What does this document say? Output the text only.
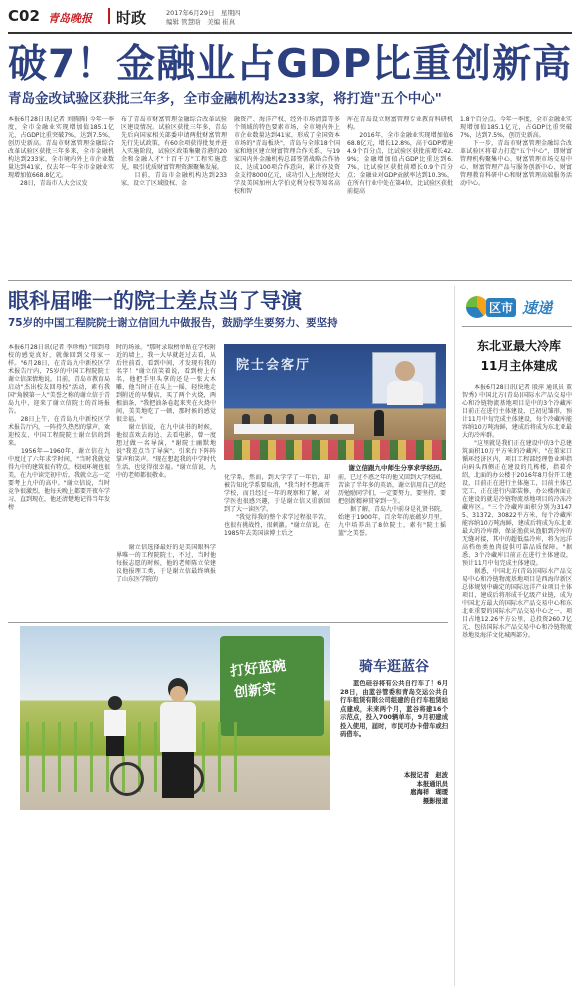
C02 青岛晚报 时政	2017年6月29日　星期四
编辑 管慧晗　美编 崔真
破7！金融业占GDP比重创新高
青岛金改试验区获批三年多，全市金融机构达233家，将打造"五个中心"
本报6月28日讯(记者 刘腾腾) 今年一季度，全市金融业实现增加值185.1亿元，占GDP比重突破7%，达到7.5%，创历史新高。青岛市财富管理金融综合改革试验区获批三年多来，全市金融机构达到233家，全市境内外上市企业数量达到41家，仅去年一年全市金融业实现增加值668.8亿元。
　　28日，青岛市人大会议发
布了青岛市财富管理金融综合改革试验区建设情况。试验区获批三年多，青岛先后向国家相关部委申请两批财富管理先行先试政策，有60余项获得批复并进入实施阶段，试验区政策集聚青港的20余和金融人才"十百千万"工程实施意见，吸引优质财富管理资源聚集发展。
　　目前，青岛市金融机构达到233家，设立了区域股权、金
融资产、海洋产权、经外市场清算等多个领域的特色要素市场，全市境内外上市企业数量达到41家，形成了全国资本市场的"青岛板块"，青岛与全球18个国家和地区建立财富管理合作关系，与19家国内外金融机构总部签署战略合作协议，达成100项合作意向，累计亦及资金支持8000亿元，成功引入上海财经大学及美国加州大学伯克利分校等知名高校和智
库在青岛设立财富管理专业教育科研机构。
　　2016年，全市金融业实现增加值668.8亿元，增长12.8%，高于GDP增速4.9个百分点，比试验区获批前增长42.9%；金融增加值占GDP比重达到6.7%，比试验区获批前增长0.9个百分点；金融业对GDP贡献率达到10.3%，在所有行业中处在第4位，比试验区获批前提高
1.8个百分点。今年一季度，全市金融业实现增加值185.1亿元，占GDP比重突破7%，达到7.5%，创历史新高。
　　下一步，青岛市财富管理金融综合改革试验区将着力打造"五个中心"，即财富管理机构聚集中心、财富管理市场交易中心、财富管理产品与服务创新中心、财富管理教育科研中心和财富管理高端服务活动中心。
眼科届唯一的院士差点当了导演
75岁的中国工程院院士谢立信回九中做报告，鼓励学生要努力、要坚持
本报6月28日讯(记者 李珍梅) "回到母校的感觉真好，就像回到父母家一样。"6月28日，在青岛九中新校区学术报告厅内，75岁的中国工程院院士谢立信深情地说。目前，青岛市教育局启动"杰出校友回母校"活动，素有我国"角膜第一人"美誉之称的谢立信于青岛九中，迎来了谢立信院士的首场报告。
　　28日上午，在青岛九中新校区学术报告厅内，一阵持久热烈的掌声，欢迎校友、中国工程院院士谢立信的到来。
　　1956年—1960年，谢立信在九中度过了六年求学时间，"当时我就觉得九中的建筑很有特点，校园环境也很美，在九中读完初中后，我就立志一定要考上九中的高中。"谢立信说，当时竞争很激烈，他每天晚上都要开夜车学习，直到现在，他还清楚地记得当年发榜
时的场景。"那时录取榜单贴在学校附近的墙上，我一大早就赶过去看，从后往前看，看到中间，才发现有我的名字！"谢立信笑着说，看到榜上有名，他把手里头拿的还是一张大木雕，他当时正在头上一摇，轻快地走到附近的早餐店，买了两个火烧，两根油条，"我把油条卷起来夹在火烧中间，美美地吃了一顿，那时候的感觉很幸福。"
　　谢立信说，在九中读书的时候，他很喜欢去海边、去看电影，曾一度想过做一名导演，"谢院士幽默地说"我差点当了导演"。引来台下阵阵掌声和笑声。"现在想起我的中学时代生活，也觉得很幸福。"谢立信说，九中的老师都很敬业。
　　谢立信选择最好的是美国眼科学界唯一的工程院院士，不过，当时他每报志愿的时候，他的老师陈立荣建议他报理工类，于是谢立信最终填报了山东医学院的
院士会客厅
谢立信跟九中师生分享求学经历。
化学系，然而，到大学学了一年后，却被告知化学系要取消，"我当时不想离开学校，而且经过一年的观察和了解，对学医也很感兴趣，于是谢立信又重新回到了大一读医学。
　　"我觉得我的整个求学过程很辛苦，也很有挑战性，很刺激。"谢立信说，在1985年去美国读博士后之
前，已过不惑之年的他又回到大学校园，苦读了半年多的英语，谢立信用自己的经历勉励同学们，一定要努力，要坚持，要把创新精神贯穿到一生。
　　据了解，青岛九中前身是礼贤书院，始建于1900年，百余年的底蕴岁月里，九中培养出了8位院士，素有"院士摇篮"之美誉。
区市 速递
东北亚最大冷库
11月主体建成
　　本报6月28日讯(记者 殷萍 通讯员 董智秀) 中国北方(青岛)国际水产品交易中心和冷链物流基地项目是中的3个冷藏库目前正在进行主体建设，已初见雏形，预计11月中旬完成主体建设，每个冷藏库能容纳10万吨海鲜，建成后将成为东北亚最大的冷库群。
　　"这里就是我们正在建设中的3个总建筑面积10万平方米的冷藏库，"在董家口循环经济区内，项目工程部经理鲁业坤指向码头西侧正在建设的几栋楼，指着介绍，北面的办公楼于2016年8月份开工建设，目前正在进行主体施工，目前主体已完工，正在进行内部装修，办公楼南面正在建设的就是冷链物流基地项目的冷冻冷藏库区。"三个冷藏库面积分别为31475、31372、30822平方米，每个冷藏库能容纳10万吨海鲜，建成后将成为东北亚最大的冷库群，保证渔获从渔船到冷库的无缝对接，其中的超低温冷库，将为远洋高档鱼类鱼肉提供可靠品质保障。"据悉，3个冷藏库目前正在进行主体建设，预计11月中旬完成主体建设。
　　据悉，中国北方(青岛)国际水产品交易中心和冷链物流基地项目是西海岸新区总体规划中确定的国际远洋产业项目主体项目，建成后将形成千亿级产业链，成为中国北方最大的国际水产品交易中心和东北亚重要的国际水产品交易中心之一。项目占地12.26平方公里，总投资260.7亿元，包括国际水产品交易中心和冷链物流基地及海洋文化城两部分。
打好蓝碗
创新实
骑车逛蓝谷
　　蓝色硅谷将有公共自行车了！6月28日，由蓝谷管委和青岛交运公共自行车租赁有限公司组建的自行车租赁站点建成，未来两个月，蓝谷将建16个示范点，投入700辆单车，9月初建成投入使用，届时，市民可办卡借车或扫码借车。
本报记者　赵波
本报通讯员
扈海祥　瑚瑷
摄影报道
